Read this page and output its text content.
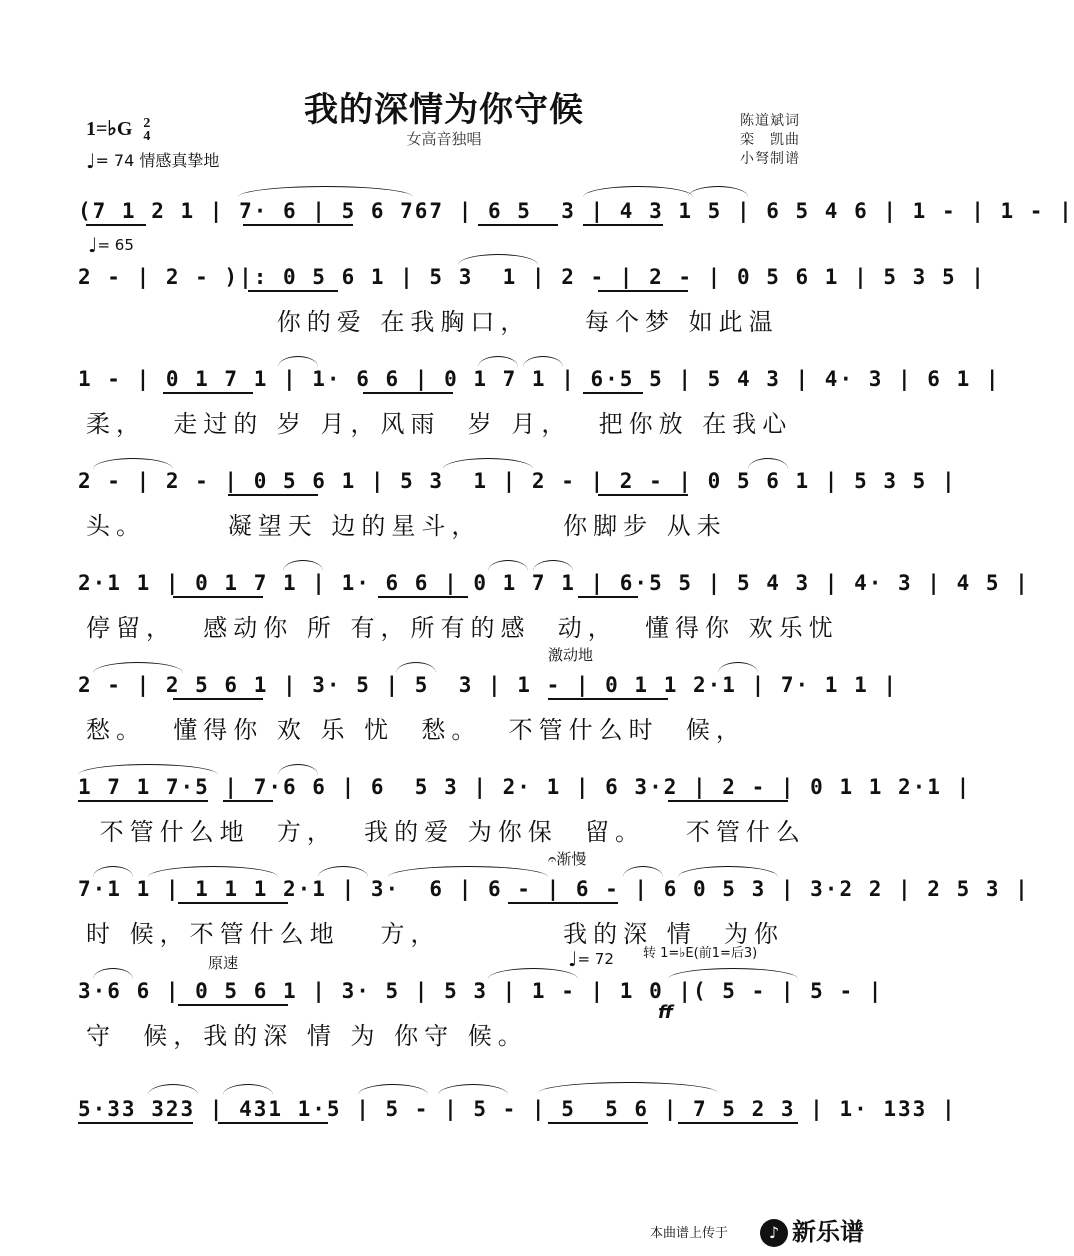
我的深情为你守候
女高音独唱
1=♭G 2
4
♩= 74 情感真挚地
陈道斌词
栾　凯曲
小弩制谱
(7 1 2 1 | 7· 6 | 5 6 767 | 6 5  3 | 4 3 1 5 | 6 5 4 6 | 1 - | 1 - |
♩= 65
2 - | 2 - )|: 0 5 6 1 | 5 3  1 | 2 - | 2 - | 0 5 6 1 | 5 3 5 |
你的爱 在我胸口，    每个梦 如此温
1 - | 0 1 7 1 | 1· 6 6 | 0 1 7 1 | 6·5 5 | 5 4 3 | 4· 3 | 6 1 |
柔，  走过的 岁 月，风雨  岁 月，  把你放 在我心
2 - | 2 - | 0 5 6 1 | 5 3  1 | 2 - | 2 - | 0 5 6 1 | 5 3 5 |
头。      凝望天 边的星斗，      你脚步 从未
2·1 1 | 0 1 7 1 | 1· 6 6 | 0 1 7 1 | 6·5 5 | 5 4 3 | 4· 3 | 4 5 |
停留，  感动你 所 有，所有的感  动，  懂得你 欢乐忧
激动地
2 - | 2 5 6 1 | 3· 5 | 5  3 | 1 - | 0 1 1 2·1 | 7· 1 1 |
愁。  懂得你 欢 乐 忧  愁。  不管什么时  候，
1 7 1 7·5 | 7·6 6 | 6  5 3 | 2· 1 | 6 3·2 | 2 - | 0 1 1 2·1 |
不管什么地  方，  我的爱 为你保  留。   不管什么
𝄐渐慢
7·1 1 | 1 1 1 2·1 | 3·  6 | 6 - | 6 - | 6 0 5 3 | 3·2 2 | 2 5 3 |
时 候，不管什么地   方，         我的深 情  为你
原速	♩= 72 转 1=♭E(前1=后3)
ff
3·6 6 | 0 5 6 1 | 3· 5 | 5 3 | 1 - | 1 0 |( 5 - | 5 - |
守  候，我的深 情 为 你守 候。
5·33 323 | 431 1·5 | 5 - | 5 - | 5  5 6 | 7 5 2 3 | 1· 133 |
本曲谱上传于	♪ 新乐谱
